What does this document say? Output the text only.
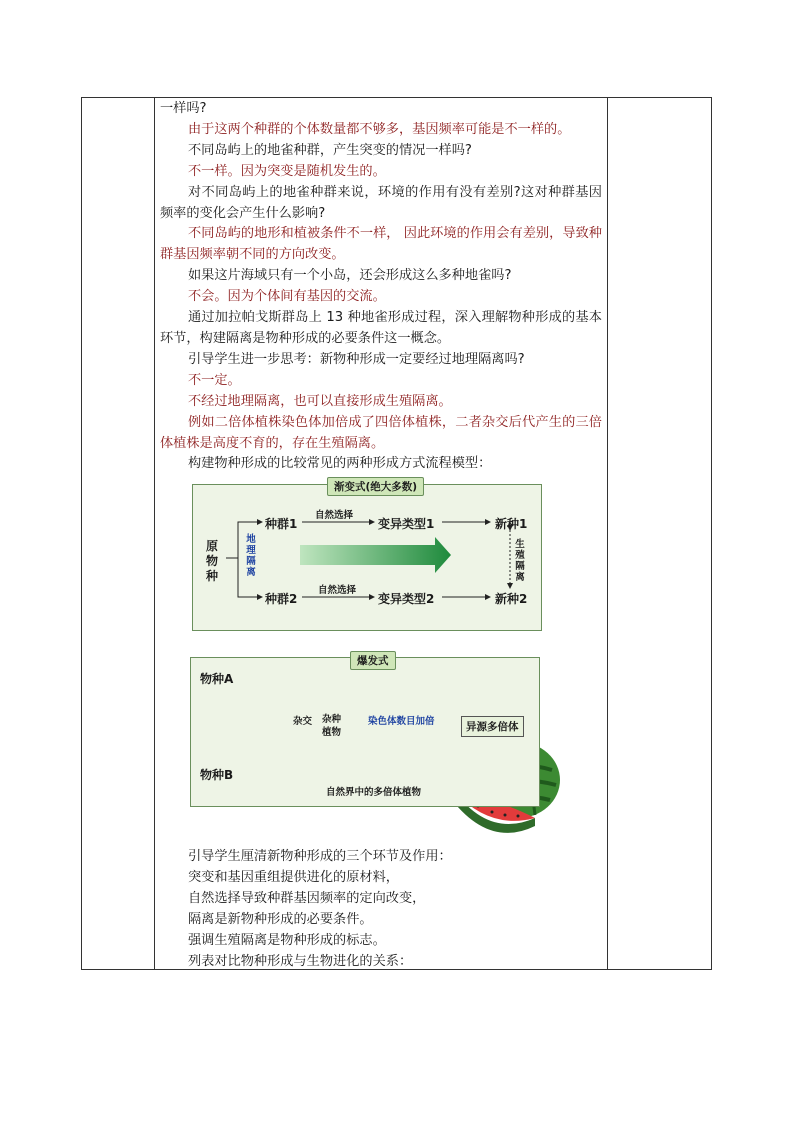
一样吗?

由于这两个种群的个体数量都不够多，基因频率可能是不一样的。

不同岛屿上的地雀种群，产生突变的情况一样吗?

不一样。因为突变是随机发生的。

对不同岛屿上的地雀种群来说，环境的作用有没有差别?这对种群基因频率的变化会产生什么影响?

不同岛屿的地形和植被条件不一样， 因此环境的作用会有差别，导致种群基因频率朝不同的方向改变。

如果这片海域只有一个小岛，还会形成这么多种地雀吗?

不会。因为个体间有基因的交流。

通过加拉帕戈斯群岛上 13 种地雀形成过程，深入理解物种形成的基本环节，构建隔离是物种形成的必要条件这一概念。

引导学生进一步思考：新物种形成一定要经过地理隔离吗?

不一定。

不经过地理隔离，也可以直接形成生殖隔离。

例如二倍体植株染色体加倍成了四倍体植株，二者杂交后代产生的三倍体植株是高度不育的，存在生殖隔离。

构建物种形成的比较常见的两种形成方式流程模型：

渐变式(绝大多数)
原物种
地理隔离
种群1
种群2
自然选择
自然选择
变异类型1
变异类型2
新种1
新种2
生殖隔离
爆发式
物种A
物种B
杂交 杂种植物
染色体数目加倍	异源多倍体
自然界中的多倍体植物

引导学生厘清新物种形成的三个环节及作用：

突变和基因重组提供进化的原材料，

自然选择导致种群基因频率的定向改变，

隔离是新物种形成的必要条件。

强调生殖隔离是物种形成的标志。

列表对比物种形成与生物进化的关系：
